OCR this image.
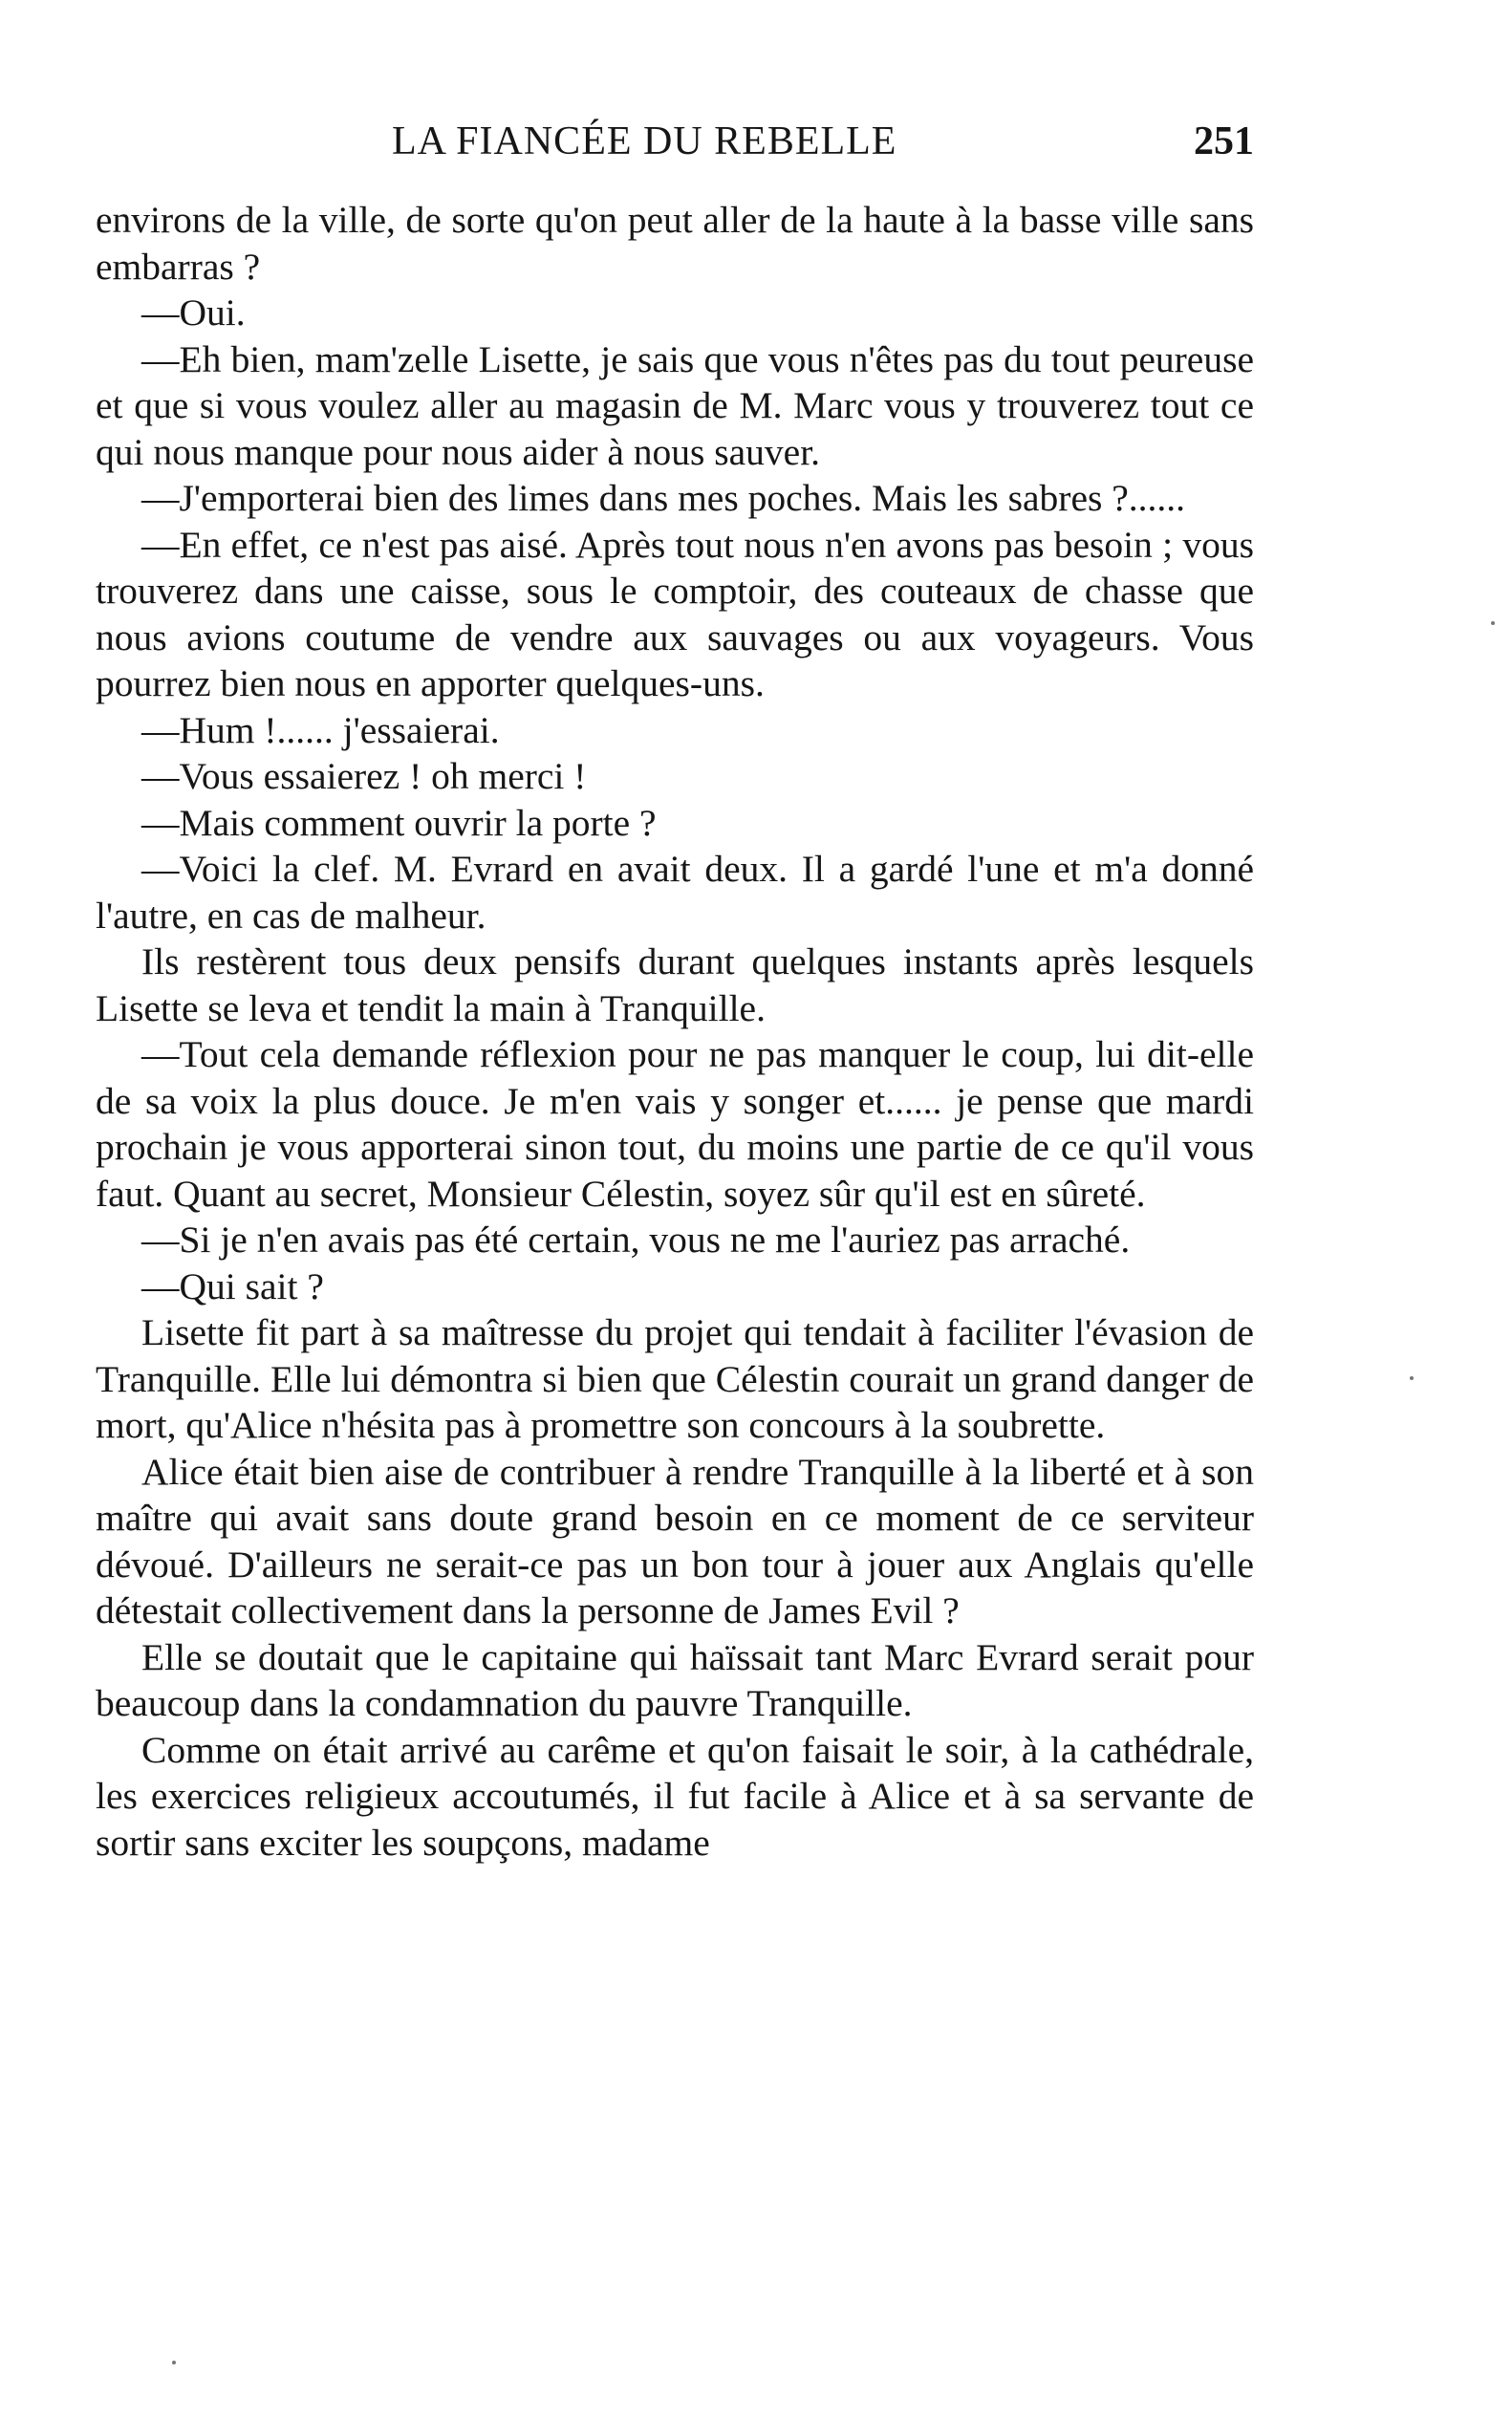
LA FIANCÉE DU REBELLE	251

environs de la ville, de sorte qu'on peut aller de la haute à la basse ville sans embarras ?

—Oui.

—Eh bien, mam'zelle Lisette, je sais que vous n'êtes pas du tout peureuse et que si vous voulez aller au magasin de M. Marc vous y trouverez tout ce qui nous manque pour nous aider à nous sauver.

—J'emporterai bien des limes dans mes poches. Mais les sabres ?......

—En effet, ce n'est pas aisé. Après tout nous n'en avons pas besoin ; vous trouverez dans une caisse, sous le comptoir, des couteaux de chasse que nous avions coutume de vendre aux sauvages ou aux voyageurs. Vous pourrez bien nous en apporter quelques-uns.

—Hum !...... j'essaierai.

—Vous essaierez ! oh merci !

—Mais comment ouvrir la porte ?

—Voici la clef. M. Evrard en avait deux. Il a gardé l'une et m'a donné l'autre, en cas de malheur.

Ils restèrent tous deux pensifs durant quelques instants après lesquels Lisette se leva et tendit la main à Tranquille.

—Tout cela demande réflexion pour ne pas manquer le coup, lui dit-elle de sa voix la plus douce. Je m'en vais y songer et...... je pense que mardi prochain je vous apporterai sinon tout, du moins une partie de ce qu'il vous faut. Quant au secret, Monsieur Célestin, soyez sûr qu'il est en sûreté.

—Si je n'en avais pas été certain, vous ne me l'auriez pas arraché.

—Qui sait ?

Lisette fit part à sa maîtresse du projet qui tendait à faciliter l'évasion de Tranquille. Elle lui démontra si bien que Célestin courait un grand danger de mort, qu'Alice n'hésita pas à promettre son concours à la soubrette.

Alice était bien aise de contribuer à rendre Tranquille à la liberté et à son maître qui avait sans doute grand besoin en ce moment de ce serviteur dévoué. D'ailleurs ne serait-ce pas un bon tour à jouer aux Anglais qu'elle détestait collectivement dans la personne de James Evil ?

Elle se doutait que le capitaine qui haïssait tant Marc Evrard serait pour beaucoup dans la condamnation du pauvre Tranquille.

Comme on était arrivé au carême et qu'on faisait le soir, à la cathédrale, les exercices religieux accoutumés, il fut facile à Alice et à sa servante de sortir sans exciter les soupçons, madame
